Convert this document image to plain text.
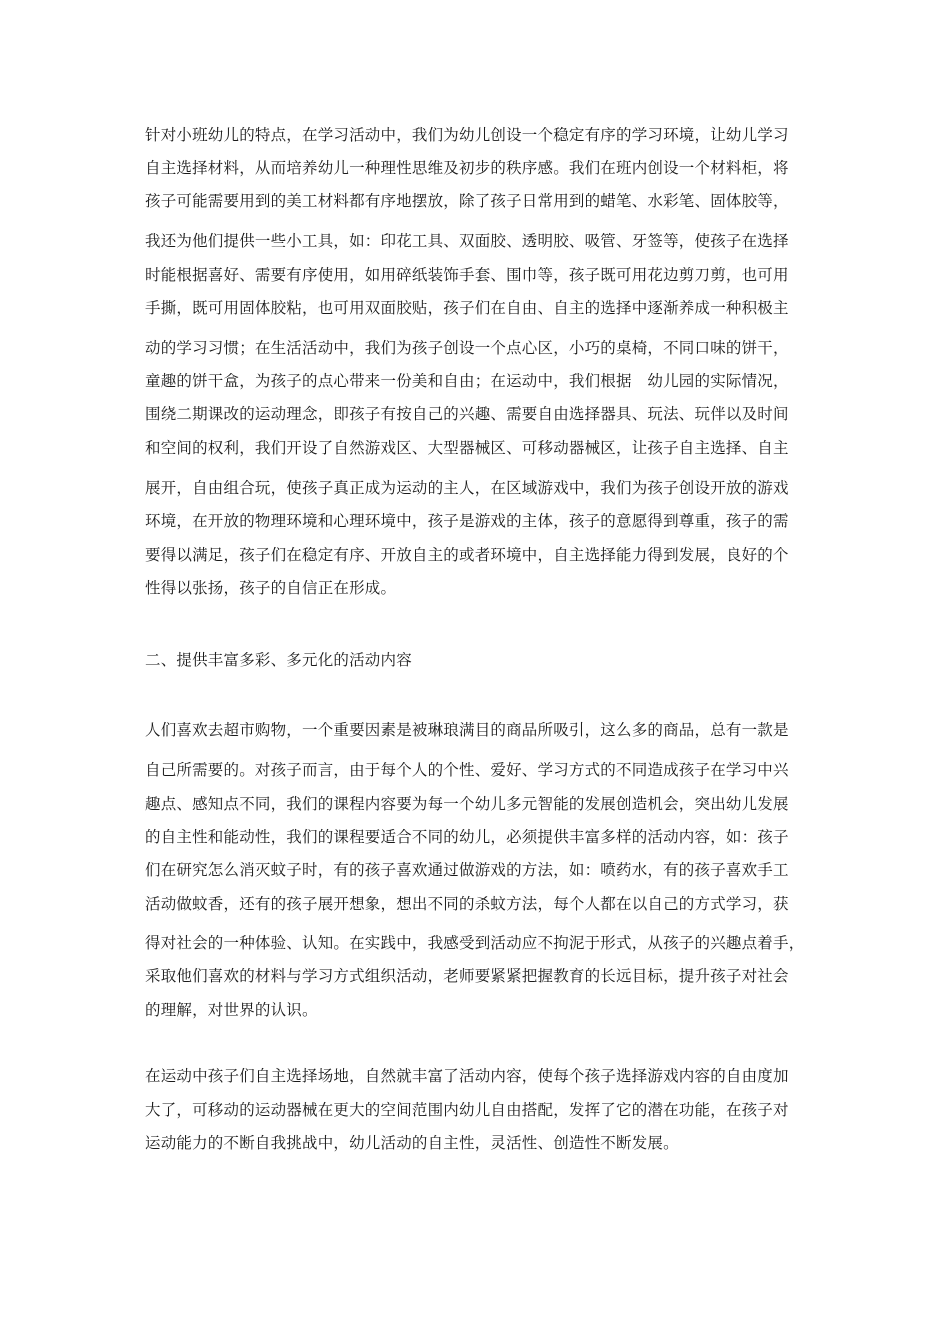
针对小班幼儿的特点，在学习活动中，我们为幼儿创设一个稳定有序的学习环境，让幼儿学习

自主选择材料，从而培养幼儿一种理性思维及初步的秩序感。我们在班内创设一个材料柜，将

孩子可能需要用到的美工材料都有序地摆放，除了孩子日常用到的蜡笔、水彩笔、固体胶等，

我还为他们提供一些小工具，如：印花工具、双面胶、透明胶、吸管、牙签等，使孩子在选择

时能根据喜好、需要有序使用，如用碎纸装饰手套、围巾等，孩子既可用花边剪刀剪，也可用

手撕，既可用固体胶粘，也可用双面胶贴，孩子们在自由、自主的选择中逐渐养成一种积极主

动的学习习惯；在生活活动中，我们为孩子创设一个点心区，小巧的桌椅，不同口味的饼干，

童趣的饼干盒，为孩子的点心带来一份美和自由；在运动中，我们根据　幼儿园的实际情况，

围绕二期课改的运动理念，即孩子有按自己的兴趣、需要自由选择器具、玩法、玩伴以及时间

和空间的权利，我们开设了自然游戏区、大型器械区、可移动器械区，让孩子自主选择、自主

展开，自由组合玩，使孩子真正成为运动的主人，在区域游戏中，我们为孩子创设开放的游戏

环境，在开放的物理环境和心理环境中，孩子是游戏的主体，孩子的意愿得到尊重，孩子的需

要得以满足，孩子们在稳定有序、开放自主的或者环境中，自主选择能力得到发展，良好的个

性得以张扬，孩子的自信正在形成。

二、提供丰富多彩、多元化的活动内容

人们喜欢去超市购物，一个重要因素是被琳琅满目的商品所吸引，这么多的商品，总有一款是

自己所需要的。对孩子而言，由于每个人的个性、爱好、学习方式的不同造成孩子在学习中兴

趣点、感知点不同，我们的课程内容要为每一个幼儿多元智能的发展创造机会，突出幼儿发展

的自主性和能动性，我们的课程要适合不同的幼儿，必须提供丰富多样的活动内容，如：孩子

们在研究怎么消灭蚊子时，有的孩子喜欢通过做游戏的方法，如：喷药水，有的孩子喜欢手工

活动做蚊香，还有的孩子展开想象，想出不同的杀蚊方法，每个人都在以自己的方式学习，获

得对社会的一种体验、认知。在实践中，我感受到活动应不拘泥于形式，从孩子的兴趣点着手，

采取他们喜欢的材料与学习方式组织活动，老师要紧紧把握教育的长远目标，提升孩子对社会

的理解，对世界的认识。

在运动中孩子们自主选择场地，自然就丰富了活动内容，使每个孩子选择游戏内容的自由度加

大了，可移动的运动器械在更大的空间范围内幼儿自由搭配，发挥了它的潜在功能，在孩子对

运动能力的不断自我挑战中，幼儿活动的自主性，灵活性、创造性不断发展。
